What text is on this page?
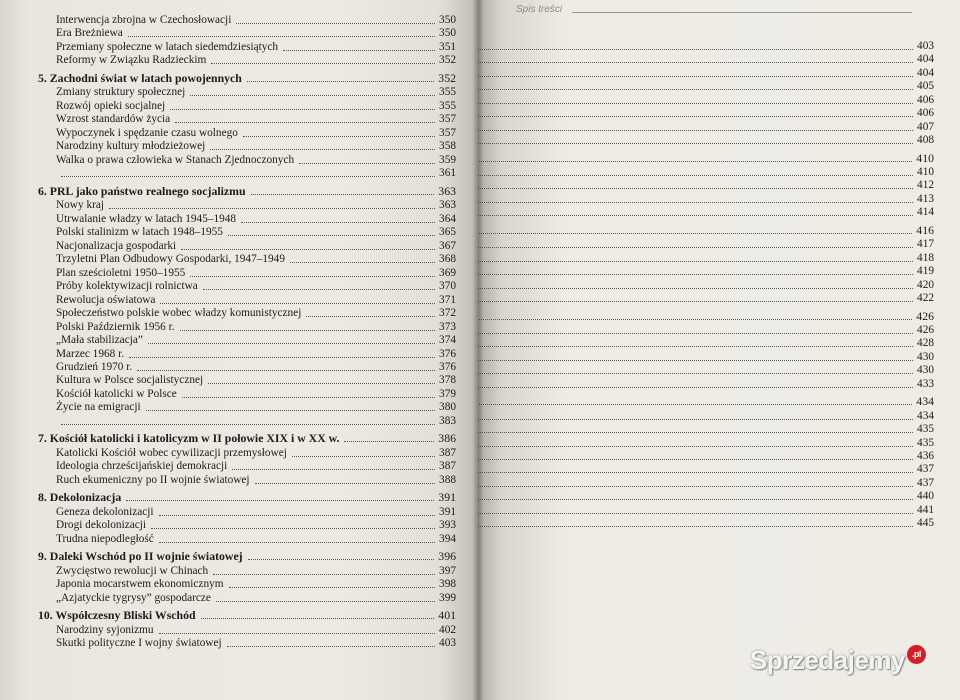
Interwencja zbrojna w Czechosłowacji	350
Era Breżniewa	350
Przemiany społeczne w latach siedemdziesiątych	351
Reformy w Związku Radzieckim	352
5. Zachodni świat w latach powojennych	352
Zmiany struktury społecznej	355
Rozwój opieki socjalnej	355
Wzrost standardów życia	357
Wypoczynek i spędzanie czasu wolnego	357
Narodziny kultury młodzieżowej	358
Walka o prawa człowieka w Stanach Zjednoczonych	359
361
6. PRL jako państwo realnego socjalizmu	363
Nowy kraj	363
Utrwalanie władzy w latach 1945–1948	364
Polski stalinizm w latach 1948–1955	365
Nacjonalizacja gospodarki	367
Trzyletni Plan Odbudowy Gospodarki, 1947–1949	368
Plan sześcioletni 1950–1955	369
Próby kolektywizacji rolnictwa	370
Rewolucja oświatowa	371
Społeczeństwo polskie wobec władzy komunistycznej	372
Polski Październik 1956 r.	373
„Mała stabilizacja”	374
Marzec 1968 r.	376
Grudzień 1970 r.	376
Kultura w Polsce socjalistycznej	378
Kościół katolicki w Polsce	379
Życie na emigracji	380
383
7. Kościół katolicki i katolicyzm w II połowie XIX i w XX w.	386
Katolicki Kościół wobec cywilizacji przemysłowej	387
Ideologia chrześcijańskiej demokracji	387
Ruch ekumeniczny po II wojnie światowej	388
8. Dekolonizacja	391
Geneza dekolonizacji	391
Drogi dekolonizacji	393
Trudna niepodległość	394
9. Daleki Wschód po II wojnie światowej	396
Zwycięstwo rewolucji w Chinach	397
Japonia mocarstwem ekonomicznym	398
„Azjatyckie tygrysy” gospodarcze	399
10. Współczesny Bliski Wschód	401
Narodziny syjonizmu	402
Skutki polityczne I wojny światowej	403
Spis treści
403
404
404
405
406
406
407
408
410
410
412
413
414
416
417
418
419
420
422
426
426
428
430
430
433
434
434
435
435
436
437
437
440
441
445
Sprzedajemy .pl
